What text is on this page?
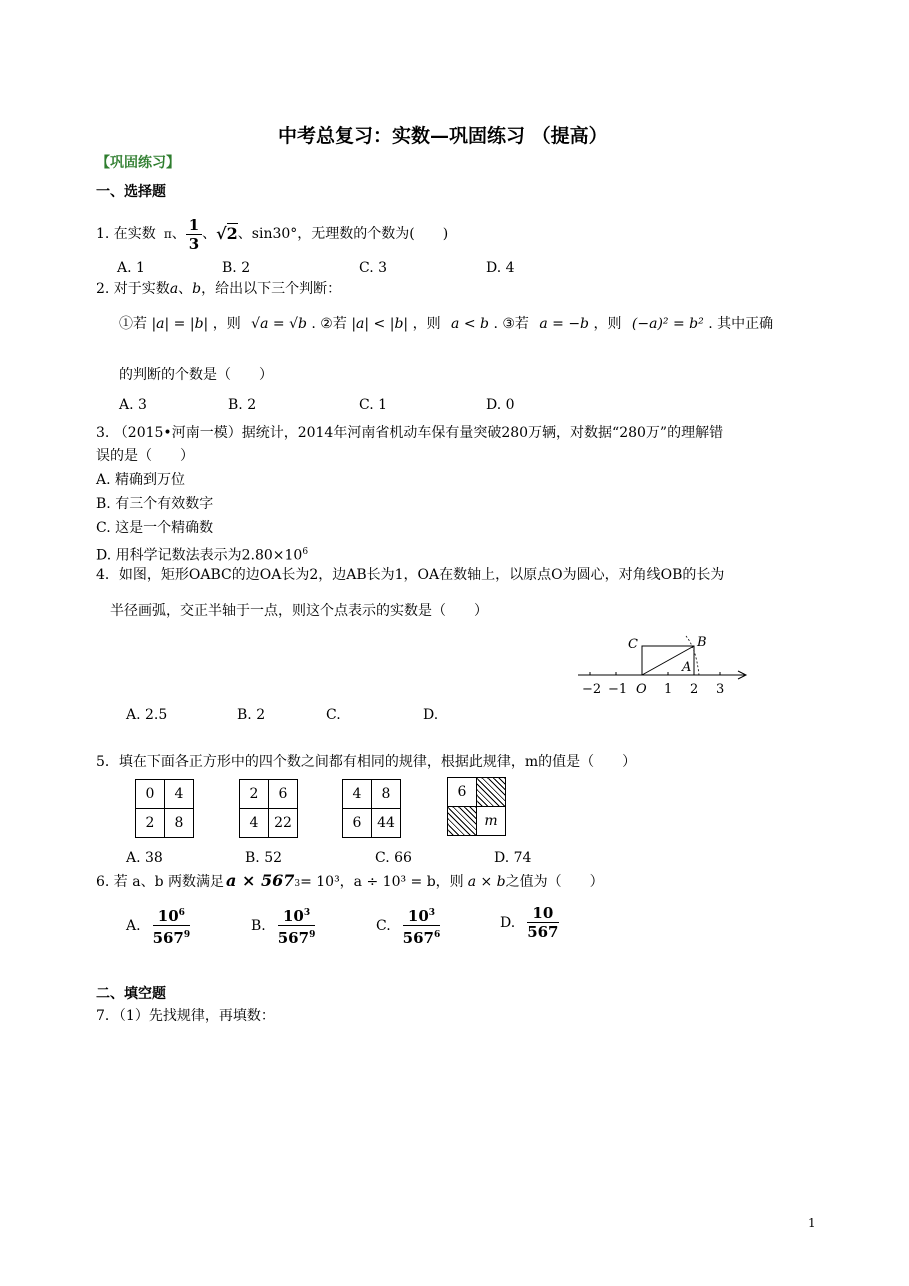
中考总复习：实数—巩固练习 （提高）
【巩固练习】
一、选择题
1. 在实数 π 、 $\frac{1}{3}$ 、 √2 、sin30°，无理数的个数为(　　)
A. 1	B. 2	C. 3	D. 4
2. 对于实数a、b，给出以下三个判断：
①若 |a| = |b| ，则 √a = √b . ②若 |a| < |b| ，则 a < b . ③若 a = −b ，则 (−a)² = b² . 其中正确
的判断的个数是（　　）
A. 3	B. 2	C. 1	D. 0
3. （2015•河南一模）据统计，2014年河南省机动车保有量突破280万辆，对数据“280万”的理解错
误的是（　　）
A. 精确到万位
B. 有三个有效数字
C. 这是一个精确数
D. 用科学记数法表示为$2.80\times 10^6$
4．如图，矩形OABC的边OA长为2，边AB长为1，OA在数轴上，以原点O为圆心，对角线OB的长为
半径画弧，交正半轴于一点，则这个点表示的实数是（　　）
C	B
A
−2 −1 O 1 2 3
A. 2.5	B. 2	C.	D.
5．填在下面各正方形中的四个数之间都有相同的规律，根据此规律，m的值是（　　）
0	4
2	8
2	6
4	22
4	8
6	44
6	
	m
A. 38	B. 52	C. 66	D. 74
6. 若 a、b 两数满足 $a \times 567_3 = 10^3$，a ÷ 10³ = b，则 a × b 之值为（　　）
A. $\frac{10^6}{567^9}$	B. $\frac{10^3}{567^9}$	C. $\frac{10^3}{567^6}$	D. $\frac{10}{567}$
二、填空题
7．（1）先找规律，再填数：
1
